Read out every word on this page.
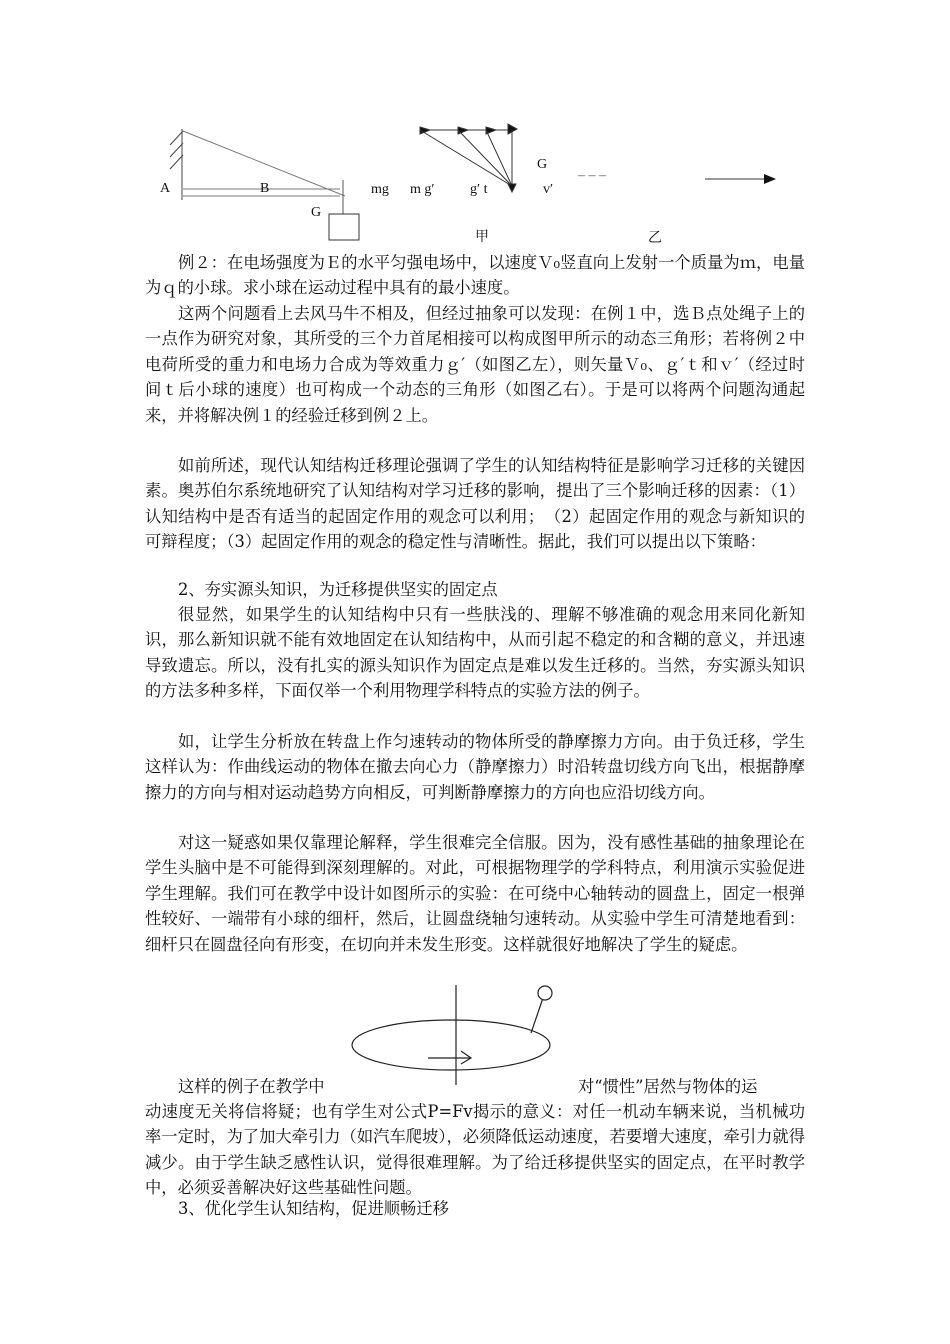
A	B
G
mg m g′	g′ t
G
v′
– – –
甲	乙

例２：在电场强度为Ｅ的水平匀强电场中，以速度Ｖ₀竖直向上发射一个质量为ｍ，电量为ｑ的小球。求小球在运动过程中具有的最小速度。

这两个问题看上去风马牛不相及，但经过抽象可以发现：在例１中，选Ｂ点处绳子上的一点作为研究对象，其所受的三个力首尾相接可以构成图甲所示的动态三角形；若将例２中电荷所受的重力和电场力合成为等效重力ｇ′（如图乙左），则矢量Ｖ₀、ｇ′ｔ和ｖ′（经过时间ｔ后小球的速度）也可构成一个动态的三角形（如图乙右）。于是可以将两个问题沟通起来，并将解决例１的经验迁移到例２上。

如前所述，现代认知结构迁移理论强调了学生的认知结构特征是影响学习迁移的关键因素。奥苏伯尔系统地研究了认知结构对学习迁移的影响，提出了三个影响迁移的因素：（1）认知结构中是否有适当的起固定作用的观念可以利用；　（2）起固定作用的观念与新知识的可辩程度；（3）起固定作用的观念的稳定性与清晰性。据此，我们可以提出以下策略：

2、夯实源头知识，为迁移提供坚实的固定点

很显然，如果学生的认知结构中只有一些肤浅的、理解不够准确的观念用来同化新知识，那么新知识就不能有效地固定在认知结构中，从而引起不稳定的和含糊的意义，并迅速导致遗忘。所以，没有扎实的源头知识作为固定点是难以发生迁移的。当然，夯实源头知识的方法多种多样，下面仅举一个利用物理学科特点的实验方法的例子。

如，让学生分析放在转盘上作匀速转动的物体所受的静摩擦力方向。由于负迁移，学生这样认为：作曲线运动的物体在撤去向心力（静摩擦力）时沿转盘切线方向飞出，根据静摩擦力的方向与相对运动趋势方向相反，可判断静摩擦力的方向也应沿切线方向。

对这一疑惑如果仅靠理论解释，学生很难完全信服。因为，没有感性基础的抽象理论在学生头脑中是不可能得到深刻理解的。对此，可根据物理学的学科特点，利用演示实验促进学生理解。我们可在教学中设计如图所示的实验：在可绕中心轴转动的圆盘上，固定一根弹性较好、一端带有小球的细杆，然后，让圆盘绕轴匀速转动。从实验中学生可清楚地看到：细杆只在圆盘径向有形变，在切向并未发生形变。这样就很好地解决了学生的疑虑。

这样的例子在教学中	对“惯性”居然与物体的运

动速度无关将信将疑；也有学生对公式P=Fv揭示的意义：对任一机动车辆来说，当机械功率一定时，为了加大牵引力（如汽车爬坡），必须降低运动速度，若要增大速度，牵引力就得减少。由于学生缺乏感性认识，觉得很难理解。为了给迁移提供坚实的固定点，在平时教学中，必须妥善解决好这些基础性问题。

3、优化学生认知结构，促进顺畅迁移
